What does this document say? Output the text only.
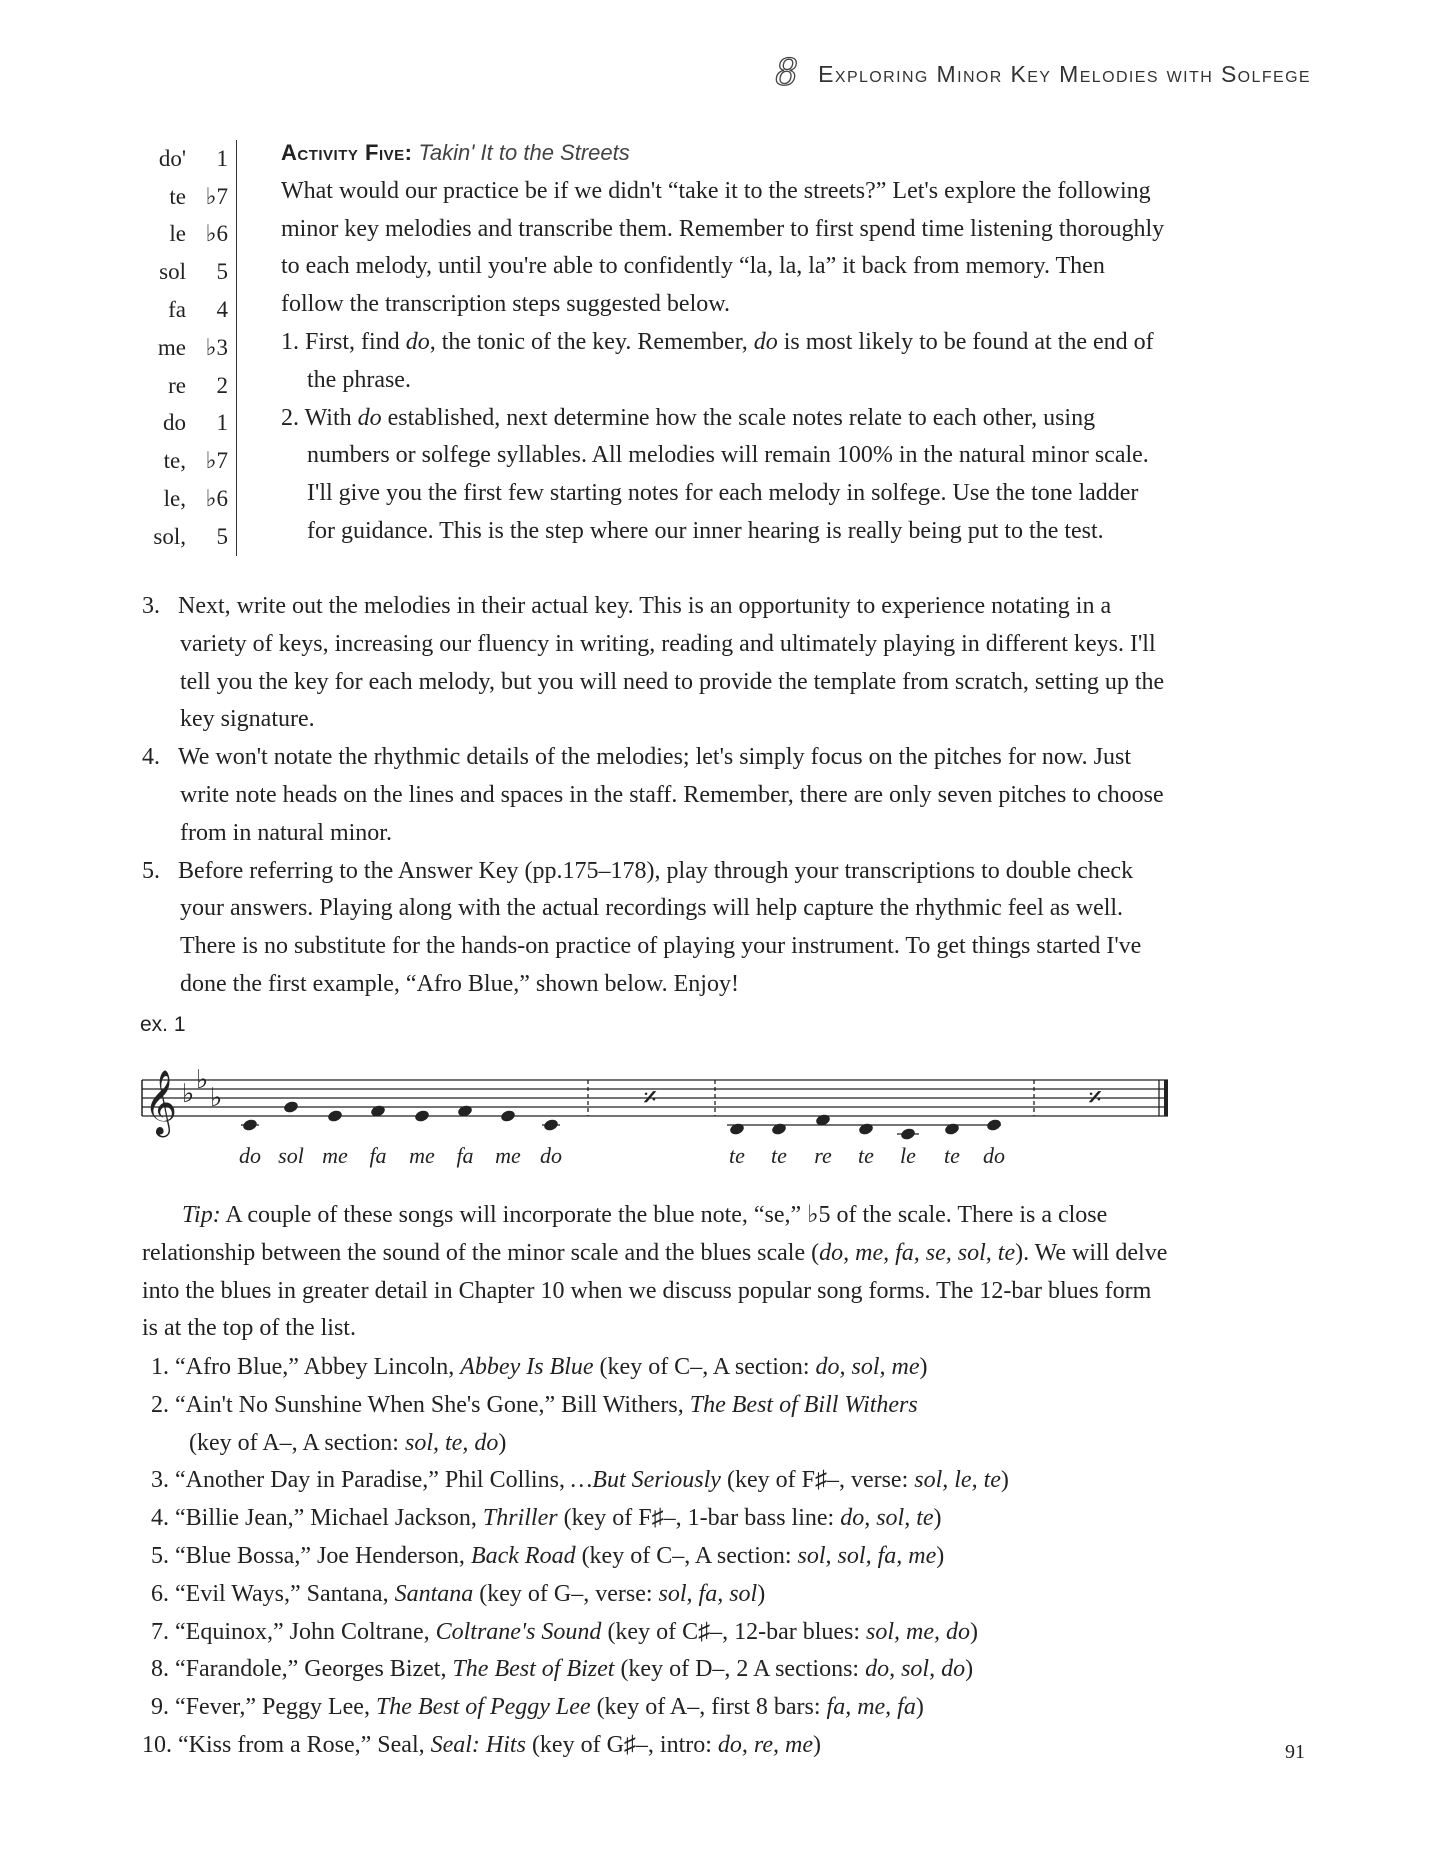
8 Exploring Minor Key Melodies with Solfege
do'	1
te ♭7
le ♭6
sol	5
fa	4
me ♭3
re	2
do	1
te, ♭7
le, ♭6
sol,	5
Activity Five: Takin' It to the Streets
What would our practice be if we didn't “take it to the streets?” Let's explore the following minor key melodies and transcribe them. Remember to first spend time listening thoroughly to each melody, until you're able to confidently “la, la, la” it back from memory. Then follow the transcription steps suggested below.
1. First, find do, the tonic of the key. Remember, do is most likely to be found at the end of the phrase.
2. With do established, next determine how the scale notes relate to each other, using numbers or solfege syllables. All melodies will remain 100% in the natural minor scale. I'll give you the first few starting notes for each melody in solfege. Use the tone ladder for guidance. This is the step where our inner hearing is really being put to the test.
3. Next, write out the melodies in their actual key. This is an opportunity to experience notating in a variety of keys, increasing our fluency in writing, reading and ultimately playing in different keys. I'll tell you the key for each melody, but you will need to provide the template from scratch, setting up the key signature.
4. We won't notate the rhythmic details of the melodies; let's simply focus on the pitches for now. Just write note heads on the lines and spaces in the staff. Remember, there are only seven pitches to choose from in natural minor.
5. Before referring to the Answer Key (pp.175–178), play through your transcriptions to double check your answers. Playing along with the actual recordings will help capture the rhythmic feel as well. There is no substitute for the hands-on practice of playing your instrument. To get things started I've done the first example, “Afro Blue,” shown below. Enjoy!
ex. 1
𝄞 ♭ ♭
♭	𝄎	𝄎
do sol me fa me fa me do	te te re te le te do
Tip: A couple of these songs will incorporate the blue note, “se,” ♭5 of the scale. There is a close relationship between the sound of the minor scale and the blues scale (do, me, fa, se, sol, te). We will delve into the blues in greater detail in Chapter 10 when we discuss popular song forms. The 12-bar blues form is at the top of the list.
1. “Afro Blue,” Abbey Lincoln, Abbey Is Blue (key of C–, A section: do, sol, me)
2. “Ain't No Sunshine When She's Gone,” Bill Withers, The Best of Bill Withers
(key of A–, A section: sol, te, do)
3. “Another Day in Paradise,” Phil Collins, …But Seriously (key of F♯–, verse: sol, le, te)
4. “Billie Jean,” Michael Jackson, Thriller (key of F♯–, 1-bar bass line: do, sol, te)
5. “Blue Bossa,” Joe Henderson, Back Road (key of C–, A section: sol, sol, fa, me)
6. “Evil Ways,” Santana, Santana (key of G–, verse: sol, fa, sol)
7. “Equinox,” John Coltrane, Coltrane's Sound (key of C♯–, 12-bar blues: sol, me, do)
8. “Farandole,” Georges Bizet, The Best of Bizet (key of D–, 2 A sections: do, sol, do)
9. “Fever,” Peggy Lee, The Best of Peggy Lee (key of A–, first 8 bars: fa, me, fa)
10. “Kiss from a Rose,” Seal, Seal: Hits (key of G♯–, intro: do, re, me)	91
